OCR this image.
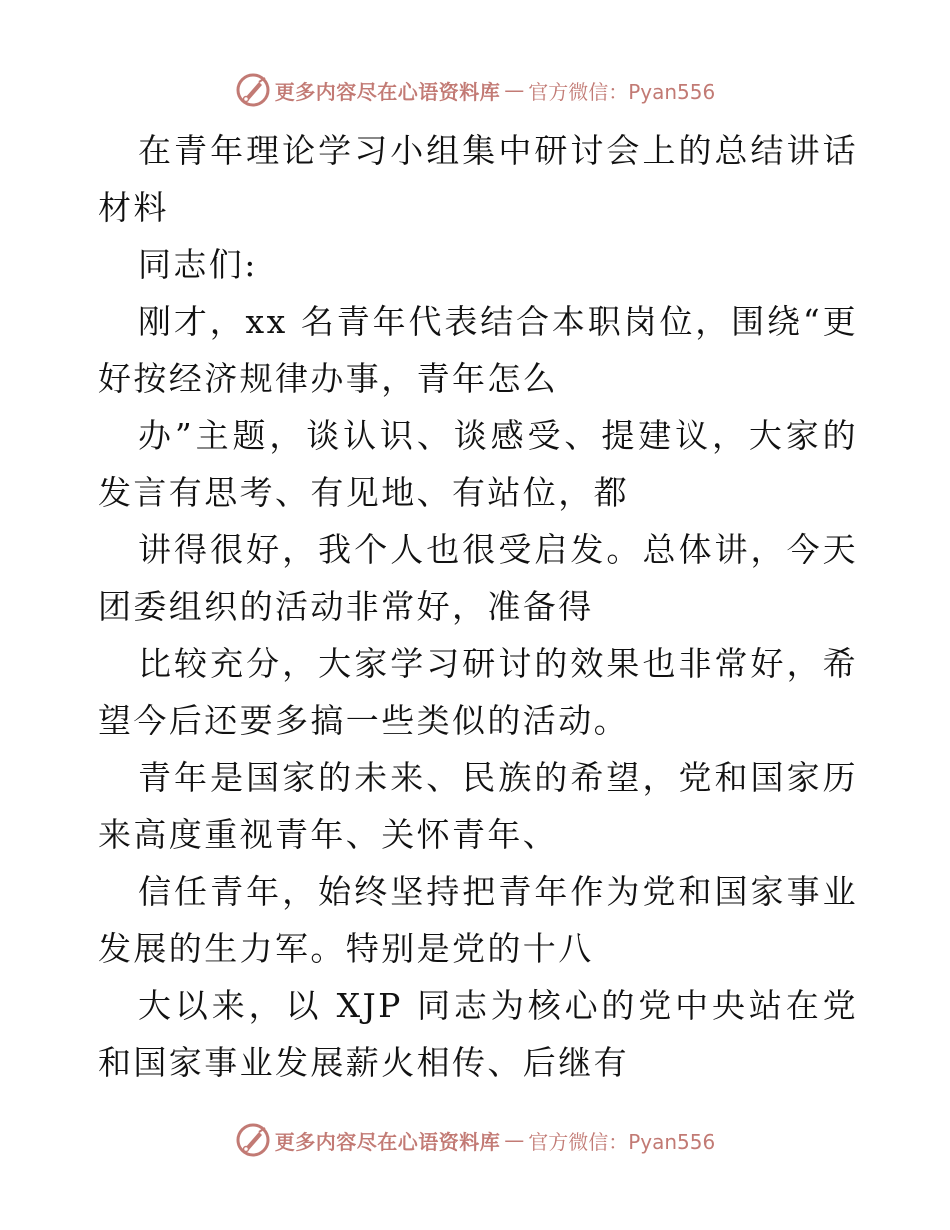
更多内容尽在心语资料库 — 官方微信：Pyan556

在青年理论学习小组集中研讨会上的总结讲话材料

同志们:

刚才，xx 名青年代表结合本职岗位，围绕“更好按经济规律办事，青年怎么

办”主题，谈认识、谈感受、提建议，大家的发言有思考、有见地、有站位，都

讲得很好，我个人也很受启发。总体讲，今天团委组织的活动非常好，准备得

比较充分，大家学习研讨的效果也非常好，希望今后还要多搞一些类似的活动。

青年是国家的未来、民族的希望，党和国家历来高度重视青年、关怀青年、

信任青年，始终坚持把青年作为党和国家事业发展的生力军。特别是党的十八

大以来，以 XJP 同志为核心的党中央站在党和国家事业发展薪火相传、后继有

更多内容尽在心语资料库 — 官方微信：Pyan556
